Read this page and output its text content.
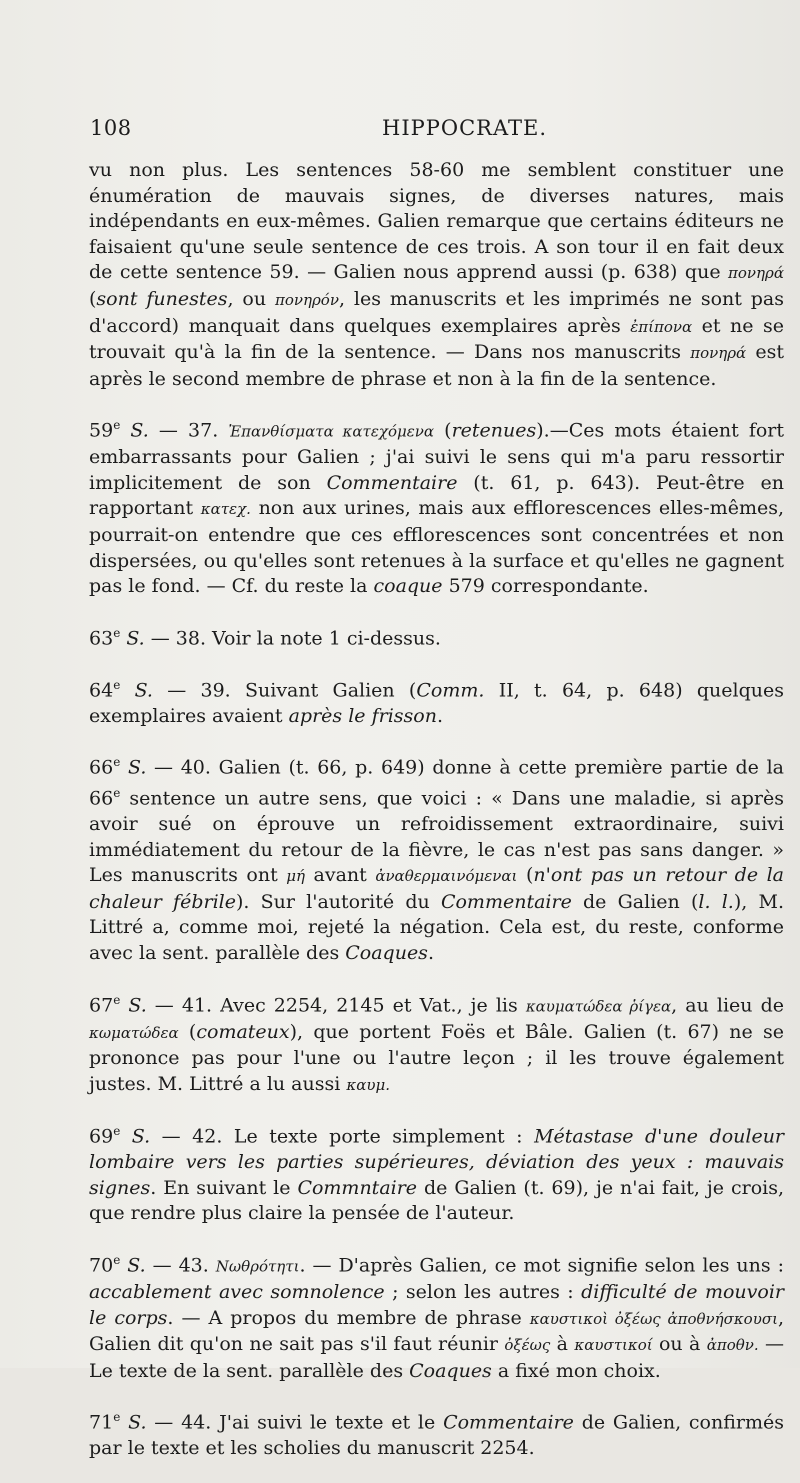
108	HIPPOCRATE.

vu non plus. Les sentences 58-60 me semblent constituer une énumération de mauvais signes, de diverses natures, mais indépendants en eux-mêmes. Galien remarque que certains éditeurs ne faisaient qu'une seule sentence de ces trois. A son tour il en fait deux de cette sentence 59. — Galien nous apprend aussi (p. 638) que πονηρά (sont funestes, ou πονηρόν, les manuscrits et les imprimés ne sont pas d'accord) manquait dans quelques exemplaires après ἐπίπονα et ne se trouvait qu'à la fin de la sentence. — Dans nos manuscrits πονηρά est après le second membre de phrase et non à la fin de la sentence.

59e S. — 37. Ἐπανθίσματα κατεχόμενα (retenues).—Ces mots étaient fort embarrassants pour Galien ; j'ai suivi le sens qui m'a paru ressortir implicitement de son Commentaire (t. 61, p. 643). Peut-être en rapportant κατεχ. non aux urines, mais aux efflorescences elles-mêmes, pourrait-on entendre que ces efflorescences sont concentrées et non dispersées, ou qu'elles sont retenues à la surface et qu'elles ne gagnent pas le fond. — Cf. du reste la coaque 579 correspondante.

63e S. — 38. Voir la note 1 ci-dessus.

64e S. — 39. Suivant Galien (Comm. II, t. 64, p. 648) quelques exemplaires avaient après le frisson.

66e S. — 40. Galien (t. 66, p. 649) donne à cette première partie de la 66e sentence un autre sens, que voici : « Dans une maladie, si après avoir sué on éprouve un refroidissement extraordinaire, suivi immédiatement du retour de la fièvre, le cas n'est pas sans danger. » Les manuscrits ont μή avant ἀναθερμαινόμεναι (n'ont pas un retour de la chaleur fébrile). Sur l'autorité du Commentaire de Galien (l. l.), M. Littré a, comme moi, rejeté la négation. Cela est, du reste, conforme avec la sent. parallèle des Coaques.

67e S. — 41. Avec 2254, 2145 et Vat., je lis καυματώδεα ῥίγεα, au lieu de κωματώδεα (comateux), que portent Foës et Bâle. Galien (t. 67) ne se prononce pas pour l'une ou l'autre leçon ; il les trouve également justes. M. Littré a lu aussi καυμ.

69e S. — 42. Le texte porte simplement : Métastase d'une douleur lombaire vers les parties supérieures, déviation des yeux : mauvais signes. En suivant le Commntaire de Galien (t. 69), je n'ai fait, je crois, que rendre plus claire la pensée de l'auteur.

70e S. — 43. Νωθρότητι. — D'après Galien, ce mot signifie selon les uns : accablement avec somnolence ; selon les autres : difficulté de mouvoir le corps. — A propos du membre de phrase καυστικοὶ ὀξέως ἀποθνήσκουσι, Galien dit qu'on ne sait pas s'il faut réunir ὀξέως à καυστικοί ou à ἀποθν. — Le texte de la sent. parallèle des Coaques a fixé mon choix.

71e S. — 44. J'ai suivi le texte et le Commentaire de Galien, confirmés par le texte et les scholies du manuscrit 2254.
